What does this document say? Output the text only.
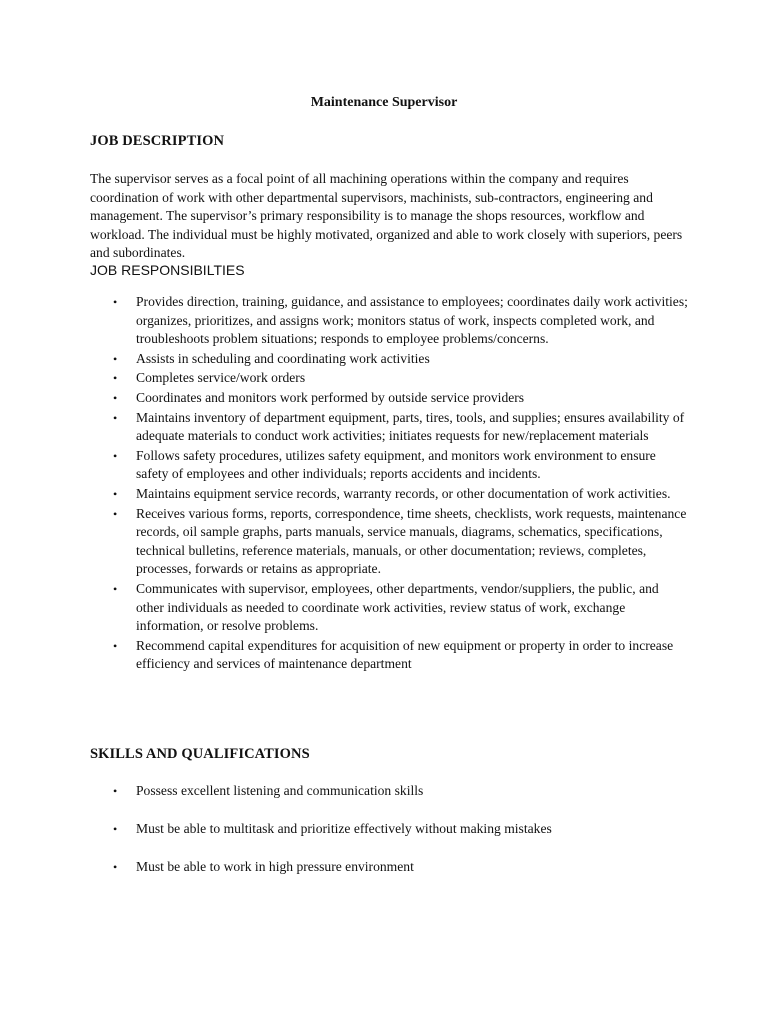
Maintenance Supervisor
JOB DESCRIPTION

The supervisor serves as a focal point of all machining operations within the company and requires coordination of work with other departmental supervisors, machinists, sub-contractors, engineering and management. The supervisor’s primary responsibility is to manage the shops resources, workflow and workload. The individual must be highly motivated, organized and able to work closely with superiors, peers and subordinates.

JOB RESPONSIBILTIES
• Provides direction, training, guidance, and assistance to employees; coordinates daily work activities; organizes, prioritizes, and assigns work; monitors status of work, inspects completed work, and troubleshoots problem situations; responds to employee problems/concerns.
• Assists in scheduling and coordinating work activities
• Completes service/work orders
• Coordinates and monitors work performed by outside service providers
• Maintains inventory of department equipment, parts, tires, tools, and supplies; ensures availability of adequate materials to conduct work activities; initiates requests for new/replacement materials
• Follows safety procedures, utilizes safety equipment, and monitors work environment to ensure safety of employees and other individuals; reports accidents and incidents.
• Maintains equipment service records, warranty records, or other documentation of work activities.
• Receives various forms, reports, correspondence, time sheets, checklists, work requests, maintenance records, oil sample graphs, parts manuals, service manuals, diagrams, schematics, specifications, technical bulletins, reference materials, manuals, or other documentation; reviews, completes, processes, forwards or retains as appropriate.
• Communicates with supervisor, employees, other departments, vendor/suppliers, the public, and other individuals as needed to coordinate work activities, review status of work, exchange information, or resolve problems.
• Recommend capital expenditures for acquisition of new equipment or property in order to increase efficiency and services of maintenance department
SKILLS AND QUALIFICATIONS
• Possess excellent listening and communication skills
• Must be able to multitask and prioritize effectively without making mistakes
• Must be able to work in high pressure environment
